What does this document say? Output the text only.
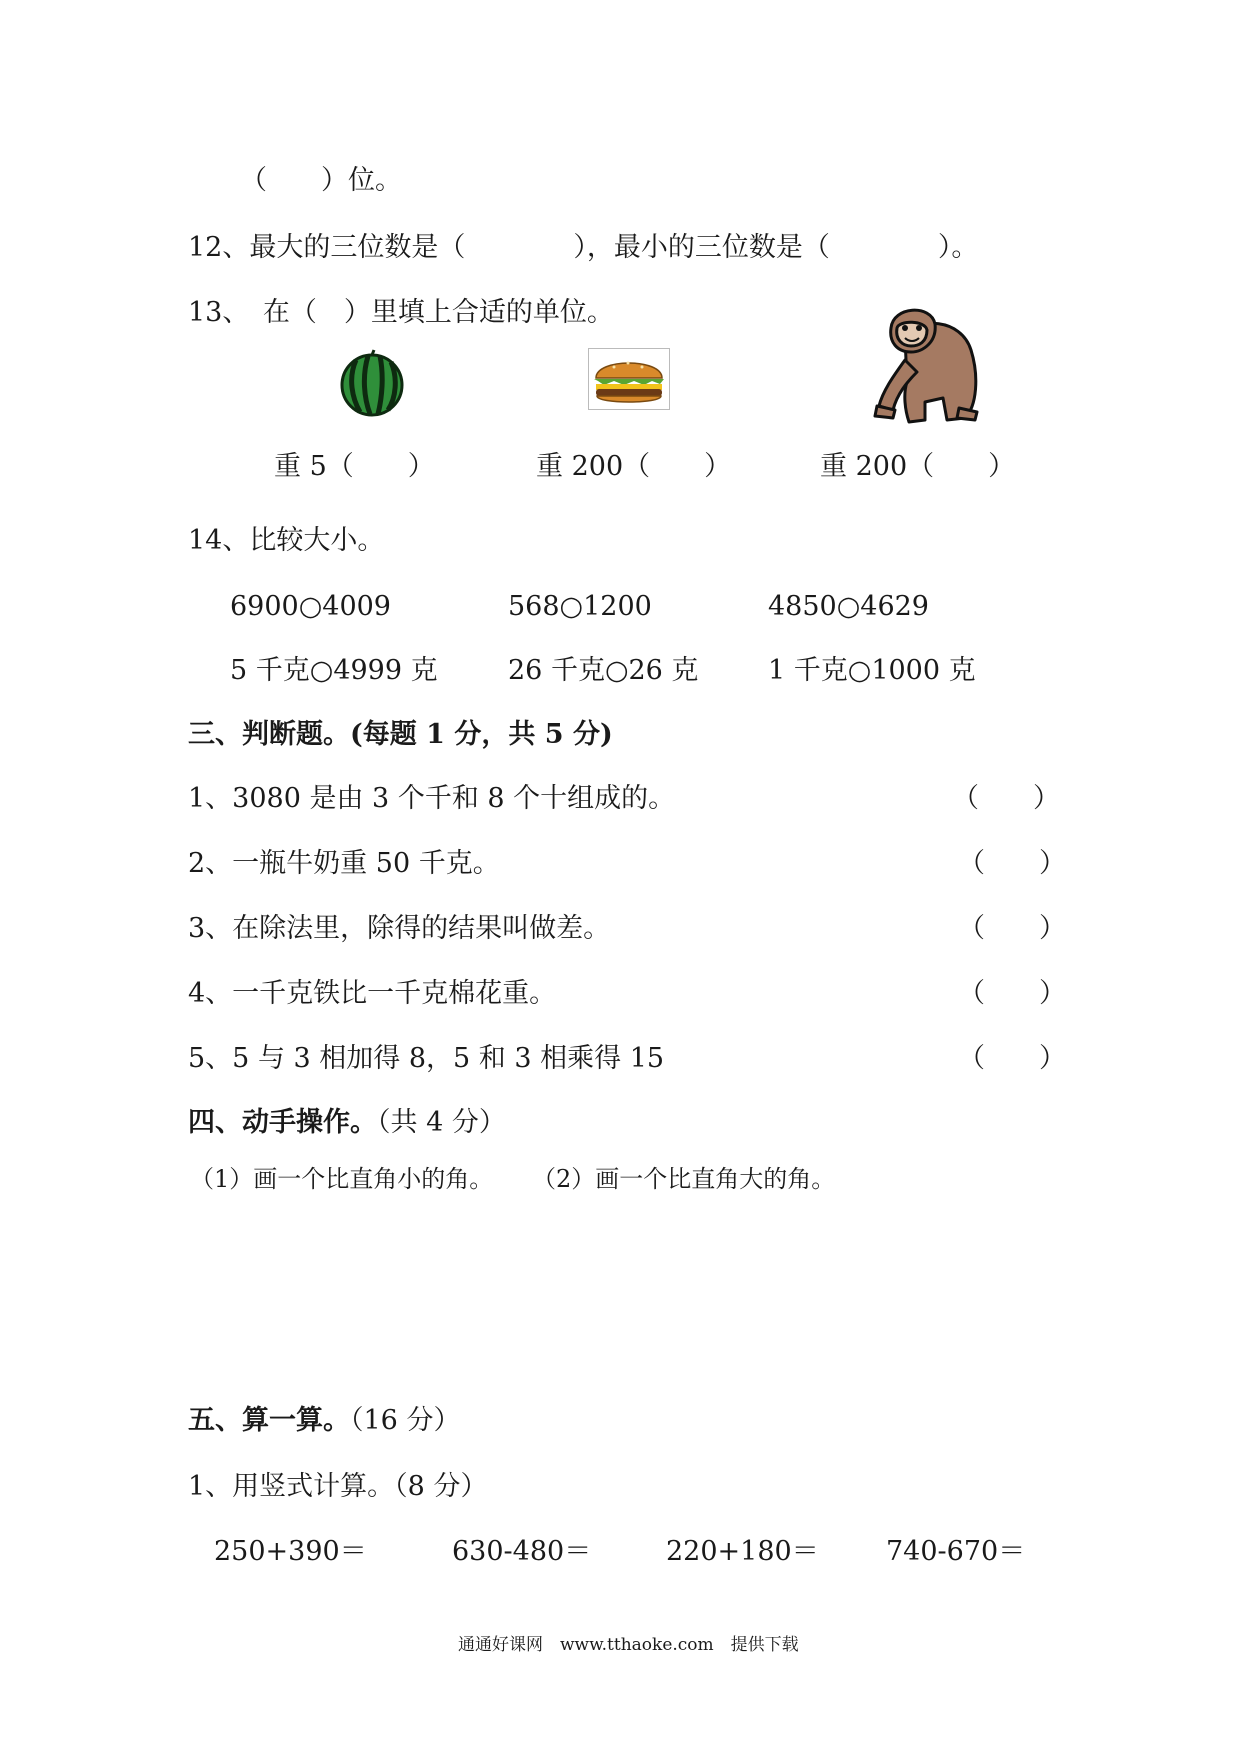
（　　）位。
12、最大的三位数是（　　　　），最小的三位数是（　　　　）。
13、　在（　）里填上合适的单位。
重 5（　　）	重 200（　　）	重 200（　　）
14、比较大小。
6900○4009	568○1200	4850○4629
5 千克○4999 克	26 千克○26 克	1 千克○1000 克
三、判断题。(每题 1 分，共 5 分)
1、3080 是由 3 个千和 8 个十组成的。	（　　）
2、一瓶牛奶重 50 千克。	（　　）
3、在除法里，除得的结果叫做差。	（　　）
4、一千克铁比一千克棉花重。	（　　）
5、5 与 3 相加得 8，5 和 3 相乘得 15	（　　）
四、动手操作。（共 4 分）
（1）画一个比直角小的角。 （2）画一个比直角大的角。
五、算一算。（16 分）
1、用竖式计算。（8 分）
250+390＝	630-480＝	220+180＝ 740-670＝
通通好课网　www.tthaoke.com　提供下载
